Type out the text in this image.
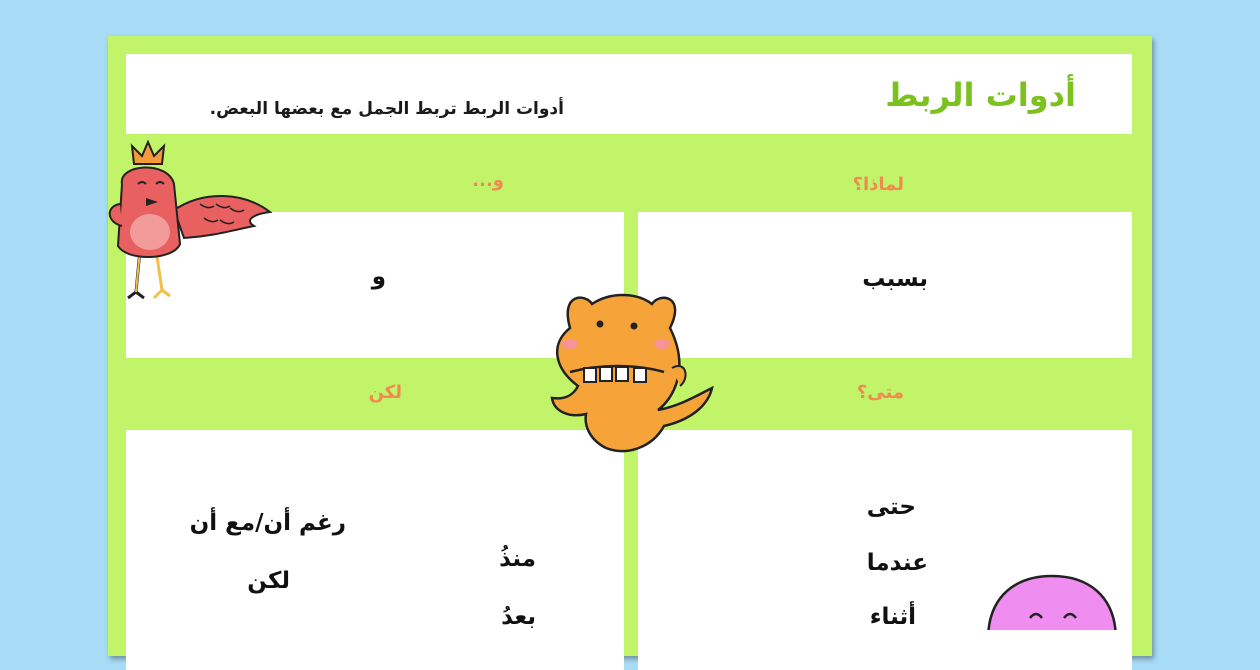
أدوات الربط
أدوات الربط تربط الجمل مع بعضها البعض.
لماذا؟
و...
و	بسبب
متى؟
لكن
رغم أن/مع أن
لكن
منذُ
بعدُ
حتى
عندما
أثناء
